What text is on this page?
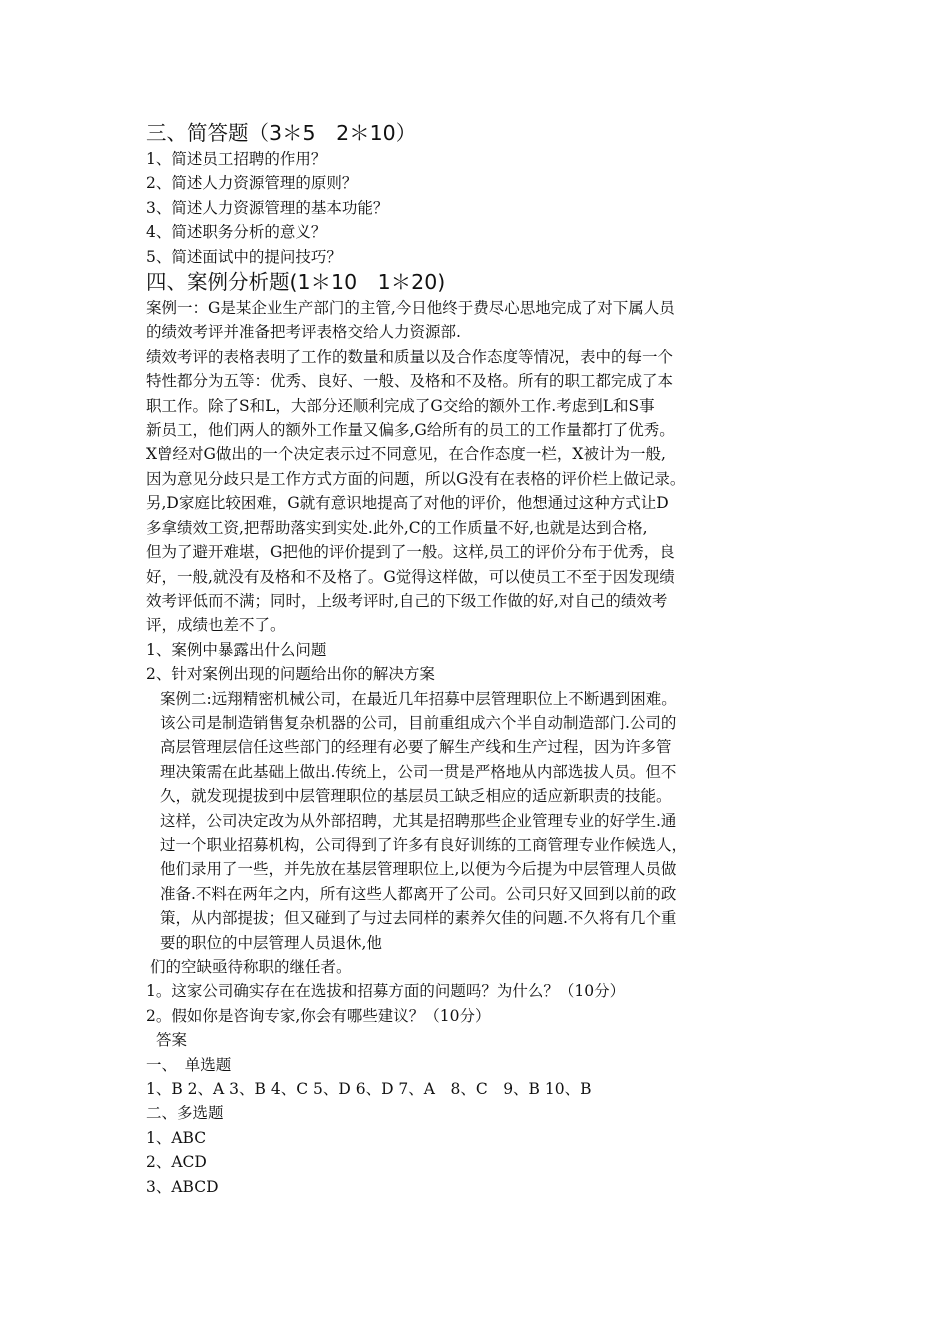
三、简答题（3＊5　2＊10）
1、简述员工招聘的作用？
2、简述人力资源管理的原则？
3、简述人力资源管理的基本功能？
4、简述职务分析的意义？
5、简述面试中的提问技巧？
四、案例分析题(1＊10　1＊20)
案例一：G是某企业生产部门的主管,今日他终于费尽心思地完成了对下属人员
的绩效考评并准备把考评表格交给人力资源部.
绩效考评的表格表明了工作的数量和质量以及合作态度等情况，表中的每一个
特性都分为五等：优秀、良好、一般、及格和不及格。所有的职工都完成了本
职工作。除了S和L，大部分还顺利完成了G交给的额外工作.考虑到L和S事
新员工，他们两人的额外工作量又偏多,G给所有的员工的工作量都打了优秀。
X曾经对G做出的一个决定表示过不同意见，在合作态度一栏，X被计为一般,
因为意见分歧只是工作方式方面的问题，所以G没有在表格的评价栏上做记录。
另,D家庭比较困难，G就有意识地提高了对他的评价，他想通过这种方式让D
多拿绩效工资,把帮助落实到实处.此外,C的工作质量不好,也就是达到合格,
但为了避开难堪，G把他的评价提到了一般。这样,员工的评价分布于优秀，良
好，一般,就没有及格和不及格了。G觉得这样做，可以使员工不至于因发现绩
效考评低而不满；同时，上级考评时,自己的下级工作做的好,对自己的绩效考
评，成绩也差不了。
1、案例中暴露出什么问题
2、针对案例出现的问题给出你的解决方案
案例二:远翔精密机械公司，在最近几年招募中层管理职位上不断遇到困难。
该公司是制造销售复杂机器的公司，目前重组成六个半自动制造部门.公司的
高层管理层信任这些部门的经理有必要了解生产线和生产过程，因为许多管
理决策需在此基础上做出.传统上，公司一贯是严格地从内部选拔人员。但不
久，就发现提拔到中层管理职位的基层员工缺乏相应的适应新职责的技能。
这样，公司决定改为从外部招聘，尤其是招聘那些企业管理专业的好学生.通
过一个职业招募机构，公司得到了许多有良好训练的工商管理专业作候选人，
他们录用了一些，并先放在基层管理职位上,以便为今后提为中层管理人员做
准备.不料在两年之内，所有这些人都离开了公司。公司只好又回到以前的政
策，从内部提拔；但又碰到了与过去同样的素养欠佳的问题.不久将有几个重
要的职位的中层管理人员退休,他
们的空缺亟待称职的继任者。
1。这家公司确实存在在选拔和招募方面的问题吗？为什么？（10分）
2。假如你是咨询专家,你会有哪些建议？（10分）
答案
一、　单选题
1、B 2、A 3、B 4、C 5、D 6、D 7、A　8、C　9、B 10、B
二、多选题
1、ABC
2、ACD
3、ABCD
